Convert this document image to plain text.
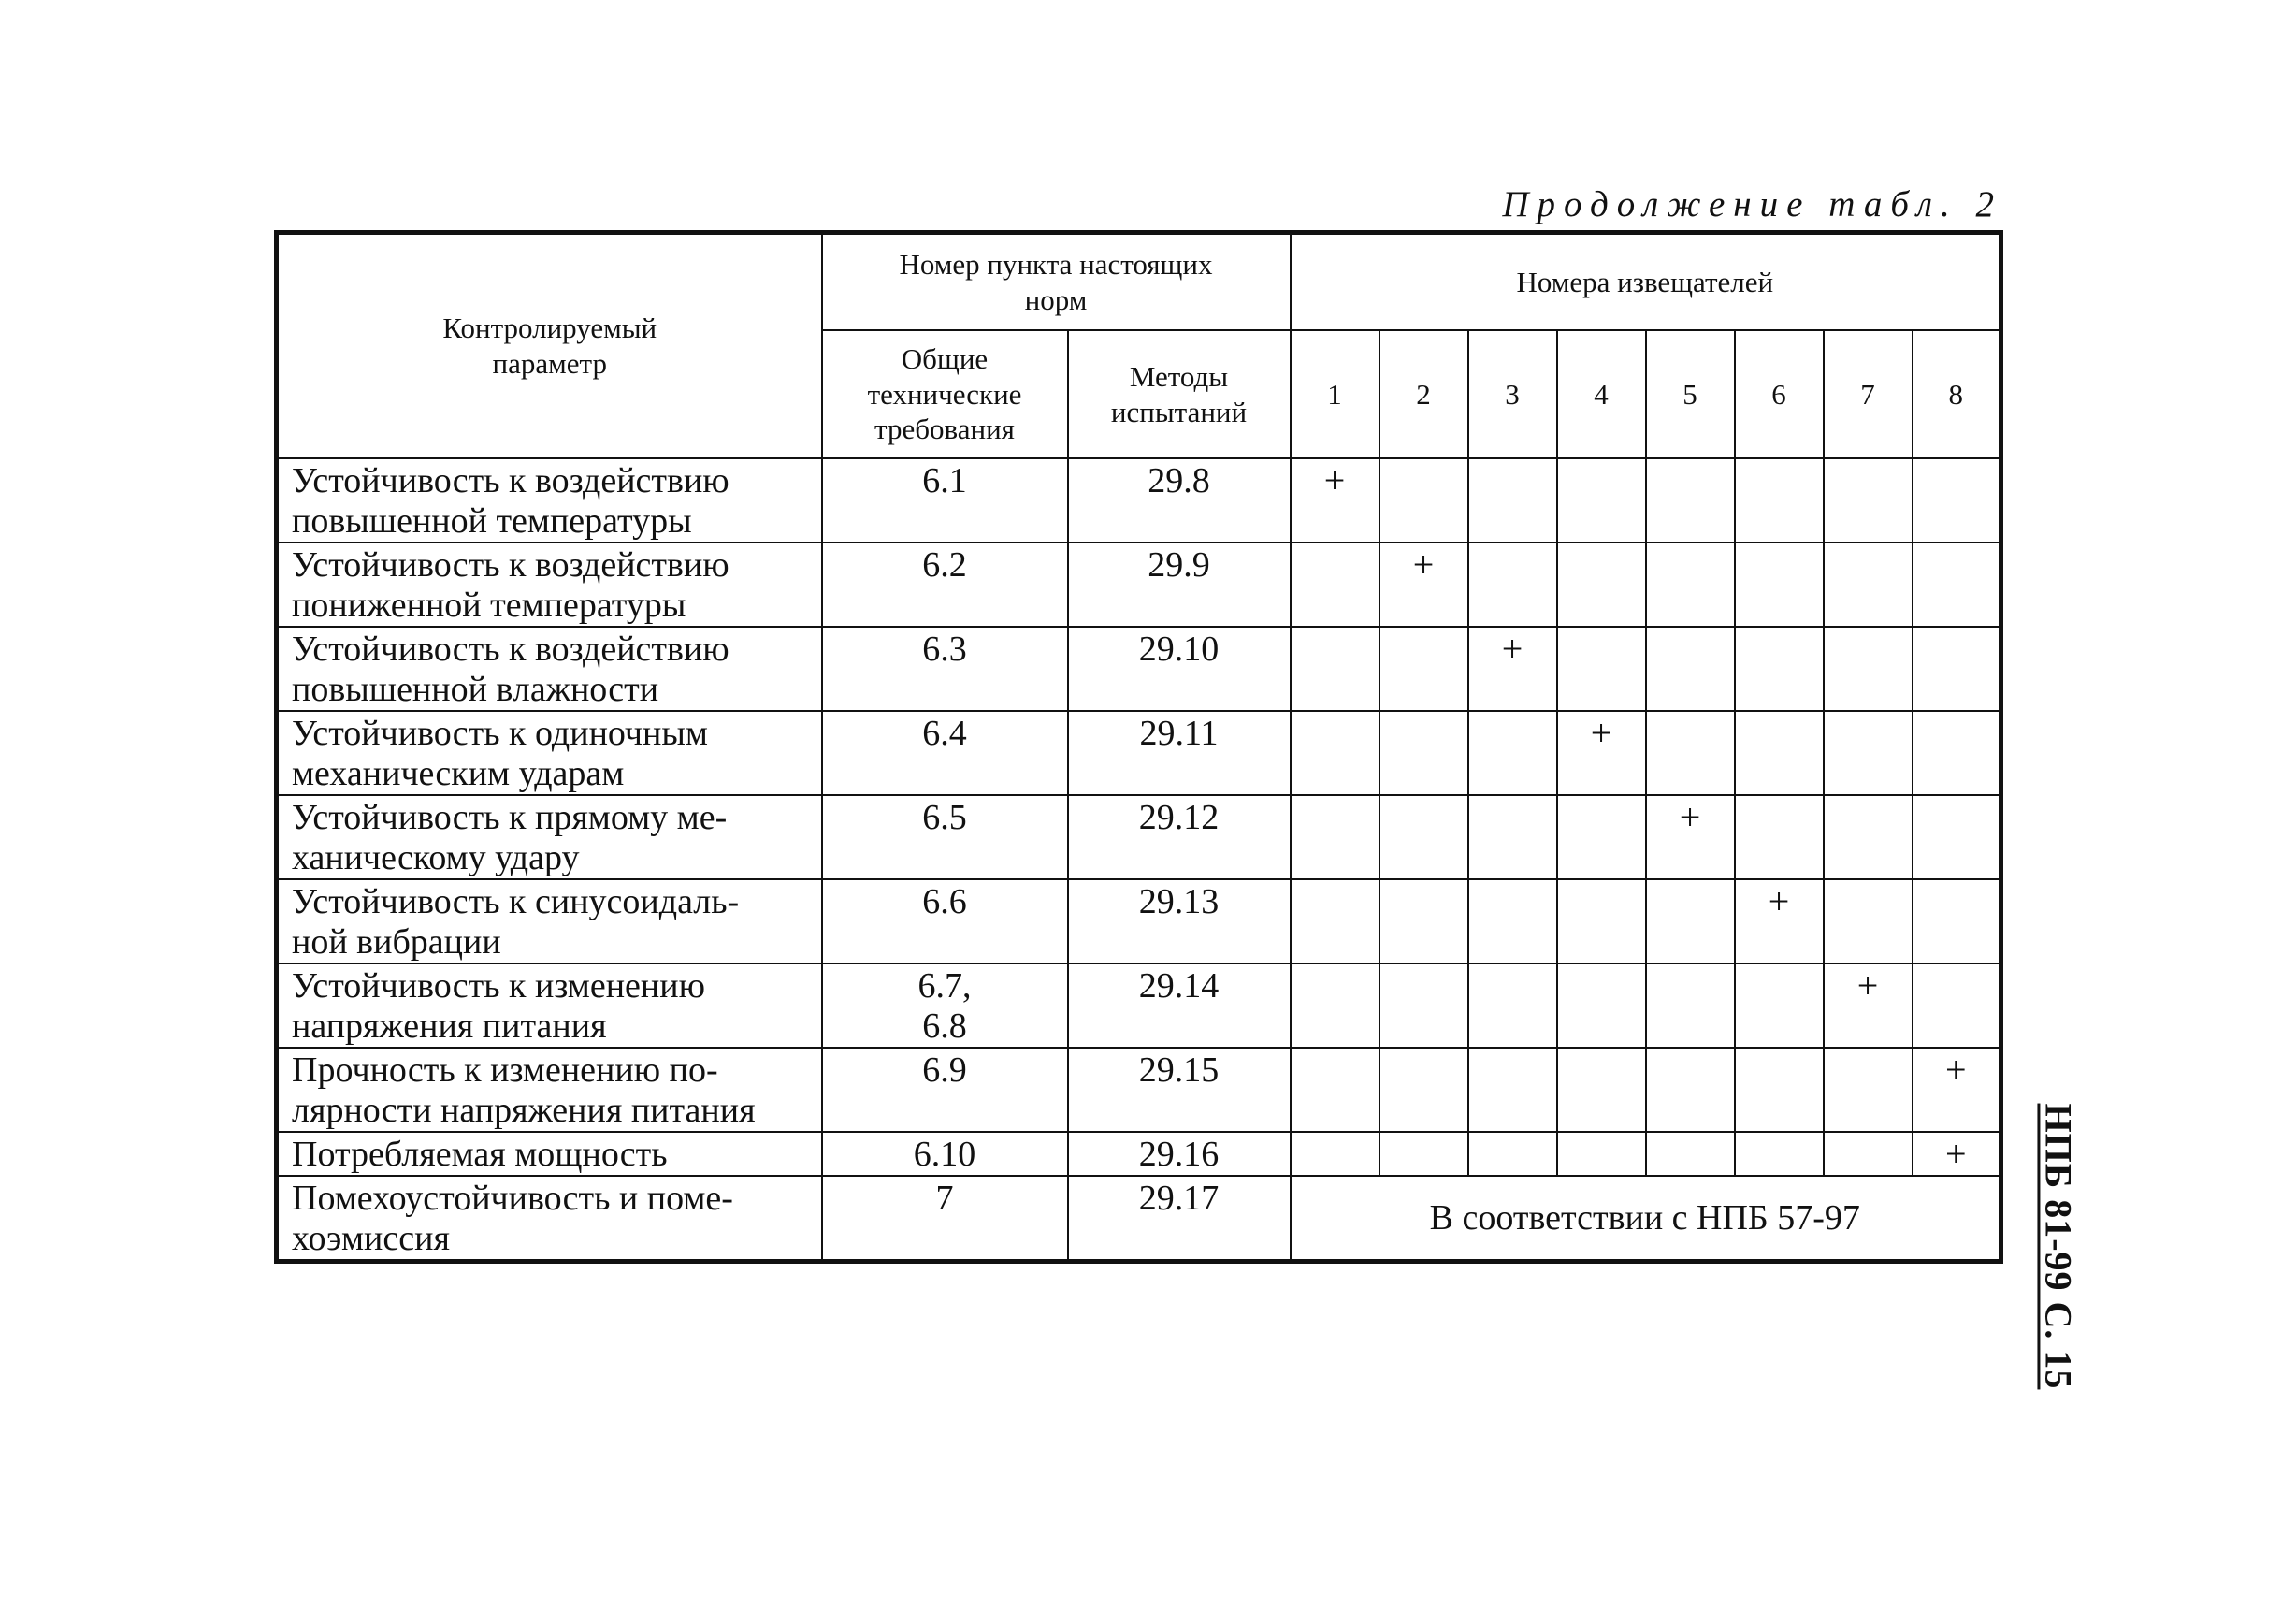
Продолжение табл. 2
НПБ 81-99 С. 15
Контролируемый параметр	Номер пункта настоящих норм		Номера извещателей							
	Общие технические требования	Методы испытаний	1	2	3	4	5	6	7	8

Устойчивость к воздействию
повышенной температуры	6.1	29.8	+							

Устойчивость к воздействию
пониженной температуры	6.2	29.9		+						

Устойчивость к воздействию
повышенной влажности	6.3	29.10			+					

Устойчивость к одиночным
механическим ударам	6.4	29.11				+				

Устойчивость к прямому ме-
ханическому удару	6.5	29.12					+			

Устойчивость к синусоидаль-
ной вибрации	6.6	29.13						+		

Устойчивость к изменению
напряжения питания	6.7,
6.8	29.14							+	

Прочность к изменению по-
лярности напряжения питания	6.9	29.15								+

Потребляемая мощность	6.10	29.16								+

Помехоустойчивость и поме-
хоэмиссия	7	29.17	В соответствии с НПБ 57-97							
